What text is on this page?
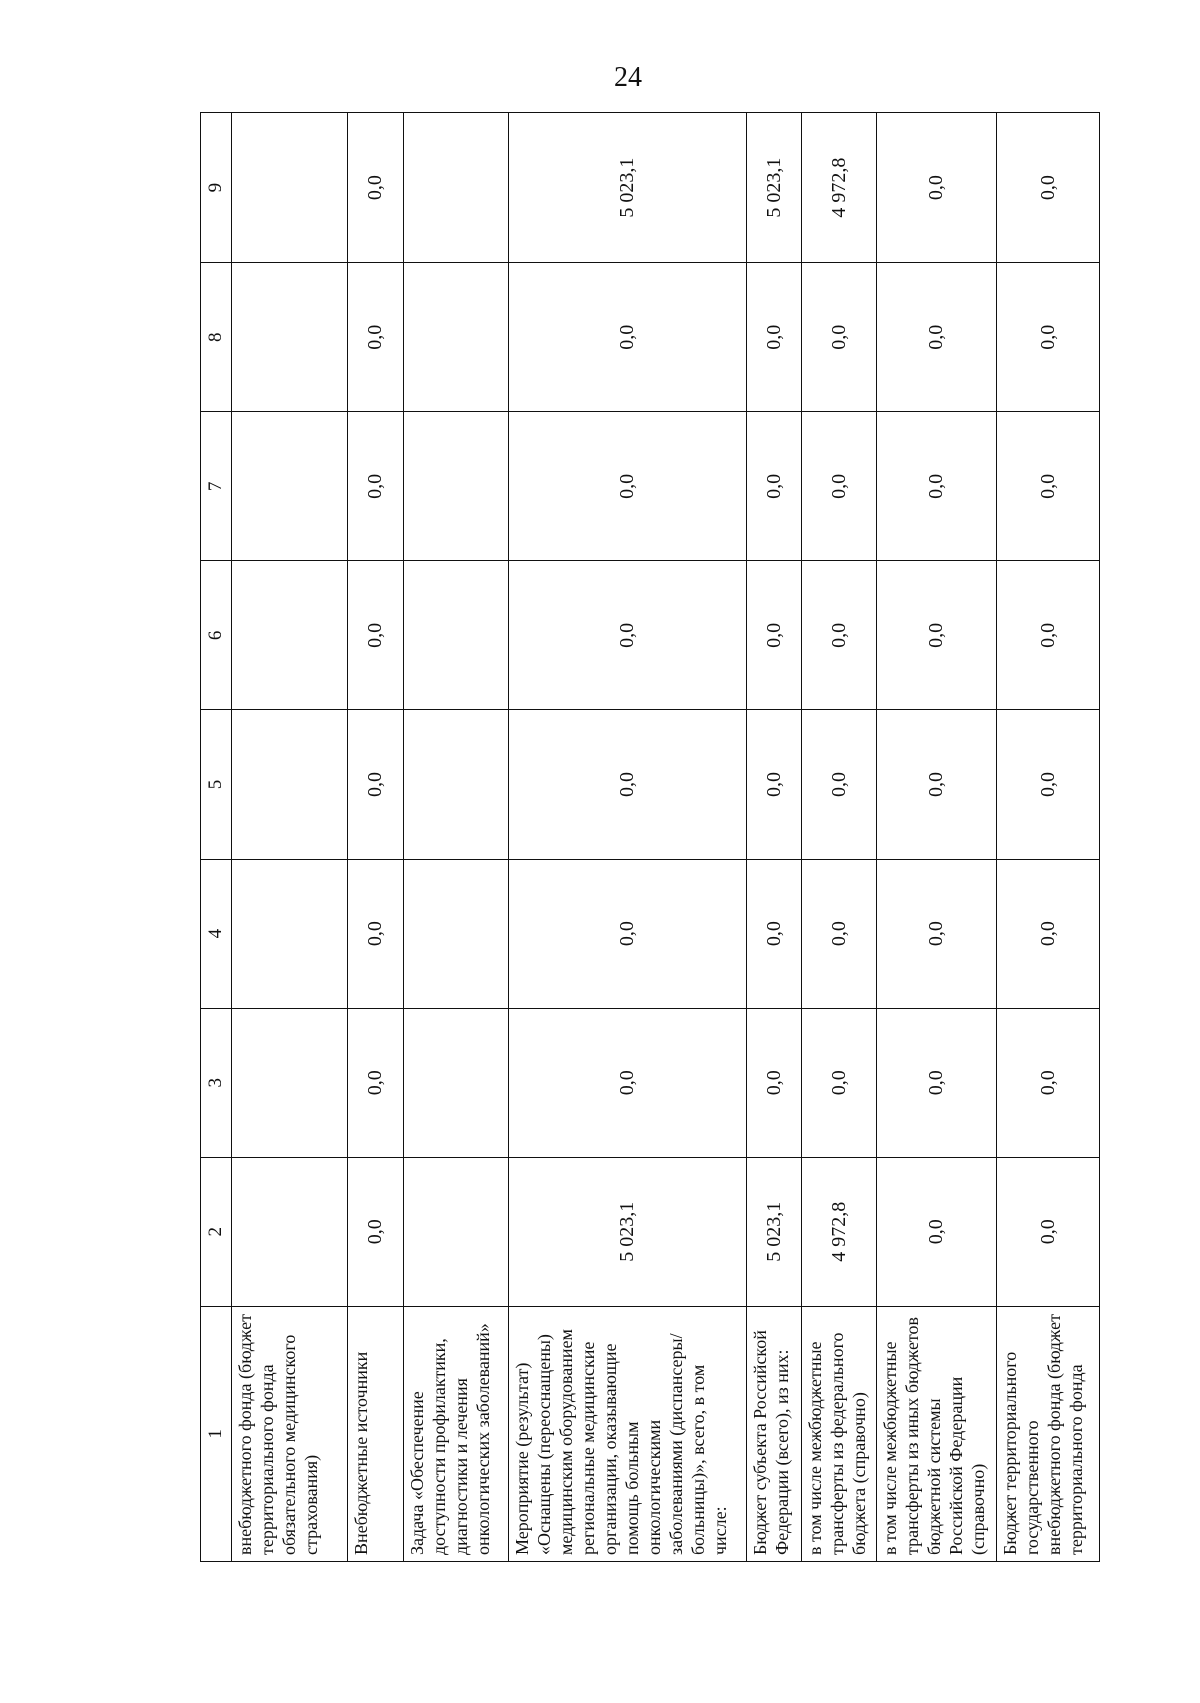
24
1	2	3	4	5	6	7	8	9
внебюджетного фонда (бюджет территориального фонда обязательного медицинского страхования)								
Внебюджетные источники	0,0	0,0	0,0	0,0	0,0	0,0	0,0	0,0
Задача «Обеспечение доступности профилактики, диагностики и лечения онкологических заболеваний»								
Мероприятие (результат) «Оснащены (переоснащены) медицинским оборудованием региональные медицинские организации, оказывающие помощь больным онкологическими заболеваниями (диспансеры/больницы)», всего, в том числе:	5 023,1	0,0	0,0	0,0	0,0	0,0	0,0	5 023,1
Бюджет субъекта Российской Федерации (всего), из них:	5 023,1	0,0	0,0	0,0	0,0	0,0	0,0	5 023,1
в том числе межбюджетные трансферты из федерального бюджета (справочно)	4 972,8	0,0	0,0	0,0	0,0	0,0	0,0	4 972,8
в том числе межбюджетные трансферты из иных бюджетов бюджетной системы Российской Федерации (справочно)	0,0	0,0	0,0	0,0	0,0	0,0	0,0	0,0
Бюджет территориального государственного внебюджетного фонда (бюджет территориального фонда	0,0	0,0	0,0	0,0	0,0	0,0	0,0	0,0
